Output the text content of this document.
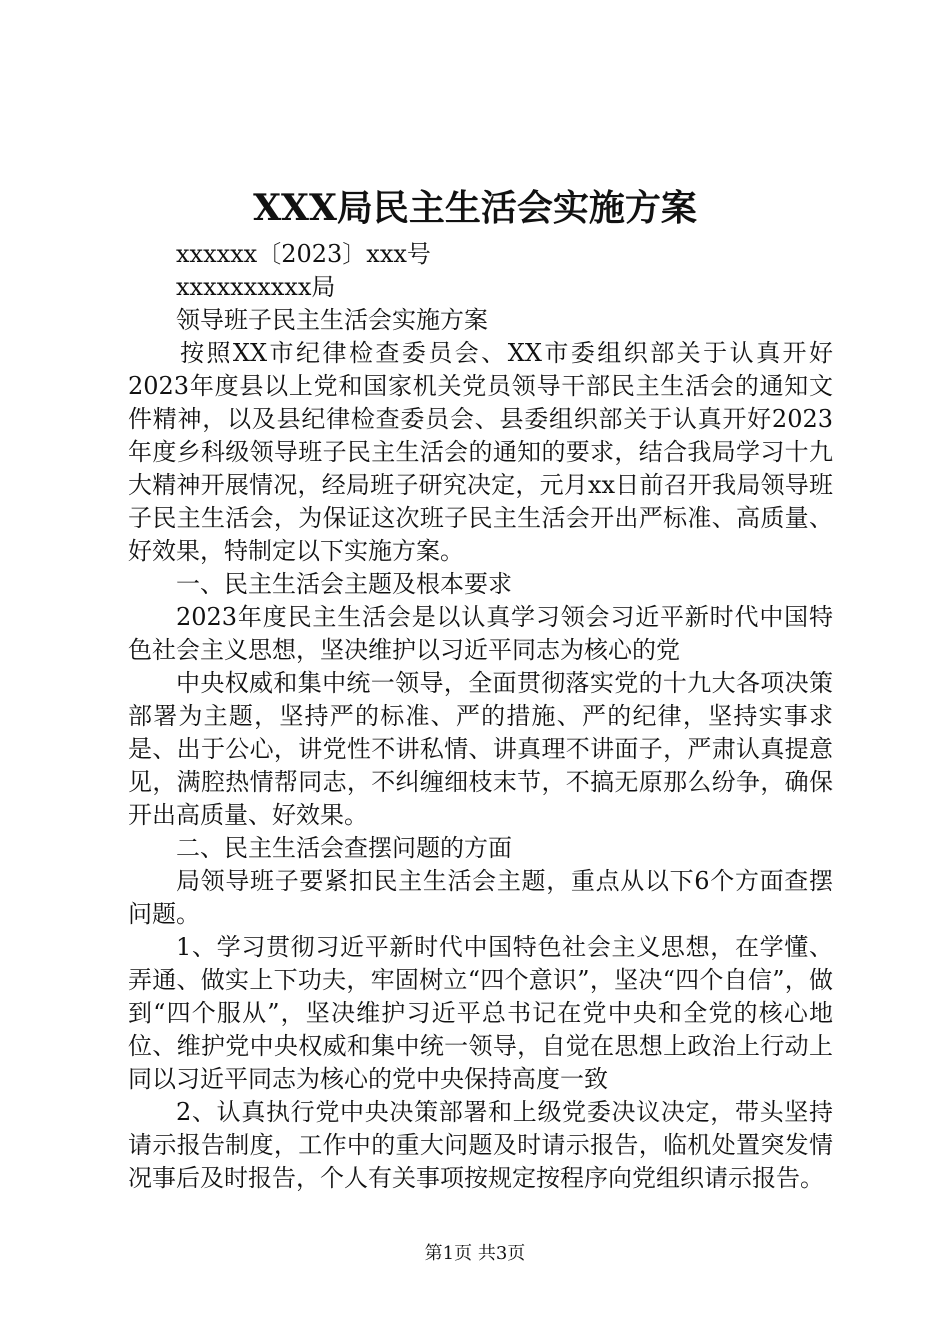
XXX局民主生活会实施方案

xxxxxx〔2023〕xxx号

xxxxxxxxxx局

领导班子民主生活会实施方案

按照XX市纪律检查委员会、XX市委组织部关于认真开好2023年度县以上党和国家机关党员领导干部民主生活会的通知文件精神，以及县纪律检查委员会、县委组织部关于认真开好2023年度乡科级领导班子民主生活会的通知的要求，结合我局学习十九大精神开展情况，经局班子研究决定，元月xx日前召开我局领导班子民主生活会，为保证这次班子民主生活会开出严标准、高质量、好效果，特制定以下实施方案。

一、民主生活会主题及根本要求

2023年度民主生活会是以认真学习领会习近平新时代中国特色社会主义思想，坚决维护以习近平同志为核心的党

中央权威和集中统一领导，全面贯彻落实党的十九大各项决策部署为主题，坚持严的标准、严的措施、严的纪律，坚持实事求是、出于公心，讲党性不讲私情、讲真理不讲面子，严肃认真提意见，满腔热情帮同志，不纠缠细枝末节，不搞无原那么纷争，确保开出高质量、好效果。

二、民主生活会查摆问题的方面

局领导班子要紧扣民主生活会主题，重点从以下6个方面查摆问题。

1、学习贯彻习近平新时代中国特色社会主义思想，在学懂、弄通、做实上下功夫，牢固树立“四个意识”，坚决“四个自信”，做到“四个服从”，坚决维护习近平总书记在党中央和全党的核心地位、维护党中央权威和集中统一领导，自觉在思想上政治上行动上同以习近平同志为核心的党中央保持高度一致

2、认真执行党中央决策部署和上级党委决议决定，带头坚持请示报告制度，工作中的重大问题及时请示报告，临机处置突发情况事后及时报告，个人有关事项按规定按程序向党组织请示报告。

第1页 共3页
